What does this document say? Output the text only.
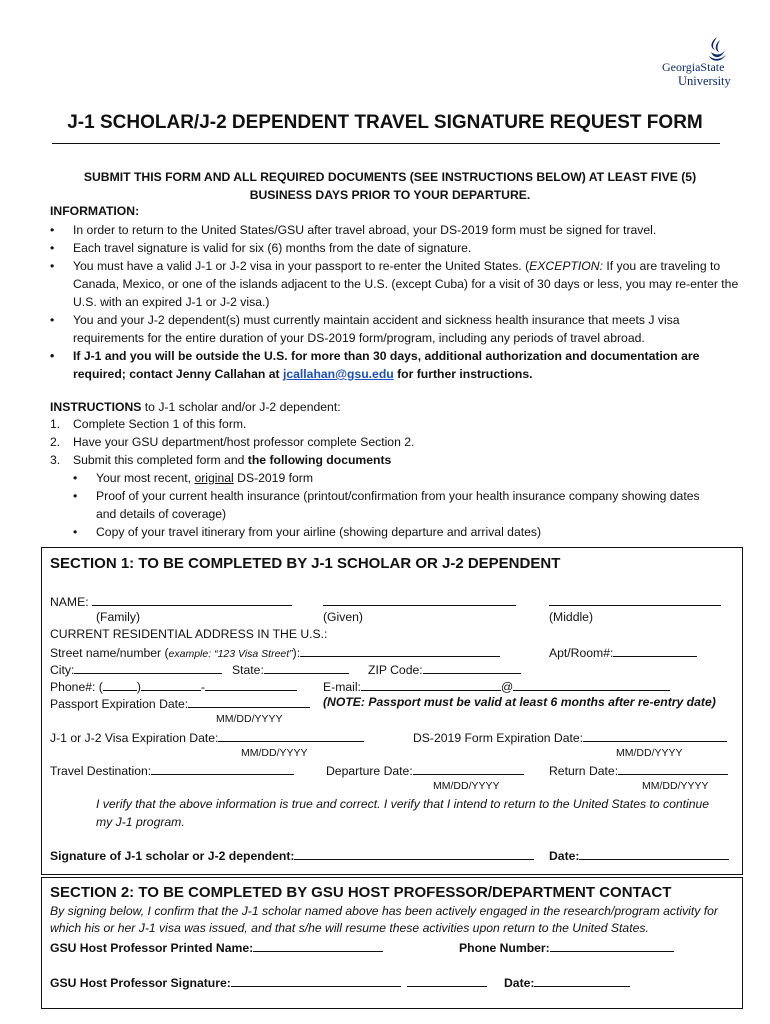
GeorgiaState
University
J-1 SCHOLAR/J-2 DEPENDENT TRAVEL SIGNATURE REQUEST FORM
SUBMIT THIS FORM AND ALL REQUIRED DOCUMENTS (SEE INSTRUCTIONS BELOW) AT LEAST FIVE (5) BUSINESS DAYS PRIOR TO YOUR DEPARTURE.
INFORMATION:
• In order to return to the United States/GSU after travel abroad, your DS-2019 form must be signed for travel.
• Each travel signature is valid for six (6) months from the date of signature.
• You must have a valid J-1 or J-2 visa in your passport to re-enter the United States. (EXCEPTION: If you are traveling to Canada, Mexico, or one of the islands adjacent to the U.S. (except Cuba) for a visit of 30 days or less, you may re-enter the U.S. with an expired J-1 or J-2 visa.)
• You and your J-2 dependent(s) must currently maintain accident and sickness health insurance that meets J visa requirements for the entire duration of your DS-2019 form/program, including any periods of travel abroad.
• If J-1 and you will be outside the U.S. for more than 30 days, additional authorization and documentation are required; contact Jenny Callahan at jcallahan@gsu.edu for further instructions.
INSTRUCTIONS to J-1 scholar and/or J-2 dependent:
1. Complete Section 1 of this form.
2. Have your GSU department/host professor complete Section 2.
3. Submit this completed form and the following documents
• Your most recent, original DS-2019 form
• Proof of your current health insurance (printout/confirmation from your health insurance company showing dates and details of coverage)
• Copy of your travel itinerary from your airline (showing departure and arrival dates)
SECTION 1: TO BE COMPLETED BY J-1 SCHOLAR OR J-2 DEPENDENT
NAME:
(Family)	(Given)	(Middle)
CURRENT RESIDENTIAL ADDRESS IN THE U.S.:
Street name/number (example: “123 Visa Street”):	Apt/Room#:
City:	State:	ZIP Code:
Phone#: (	)	-	E-mail:	@
Passport Expiration Date:	(NOTE: Passport must be valid at least 6 months after re-entry date)
MM/DD/YYYY
J-1 or J-2 Visa Expiration Date:	DS-2019 Form Expiration Date:
MM/DD/YYYY	MM/DD/YYYY
Travel Destination:	Departure Date:	Return Date:
MM/DD/YYYY	MM/DD/YYYY
I verify that the above information is true and correct. I verify that I intend to return to the United States to continue my J-1 program.
Signature of J-1 scholar or J-2 dependent:	Date:
SECTION 2: TO BE COMPLETED BY GSU HOST PROFESSOR/DEPARTMENT CONTACT
By signing below, I confirm that the J-1 scholar named above has been actively engaged in the research/program activity for which his or her J-1 visa was issued, and that s/he will resume these activities upon return to the United States.
GSU Host Professor Printed Name:	Phone Number:
GSU Host Professor Signature:	Date:
